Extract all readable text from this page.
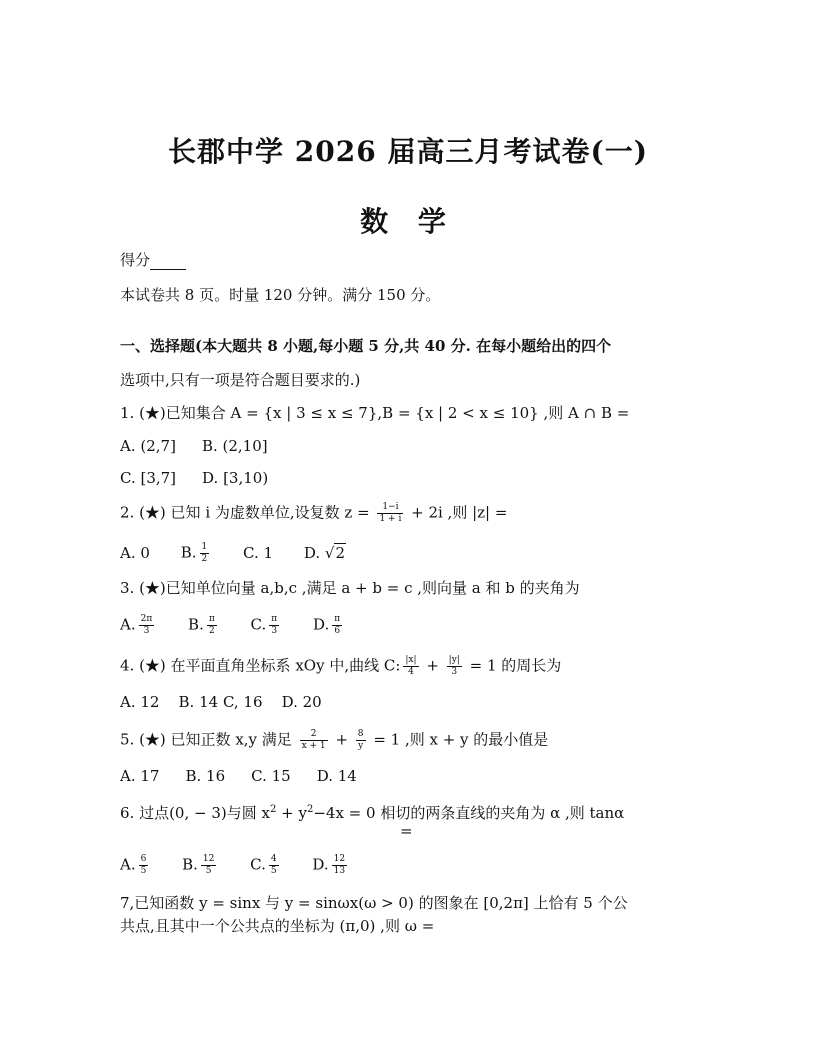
长郡中学 2026 届高三月考试卷(一)
数 学
得分
本试卷共 8 页。时量 120 分钟。满分 150 分。
一、选择题(本大题共 8 小题,每小题 5 分,共 40 分. 在每小题给出的四个
选项中,只有一项是符合题目要求的.)
1. (★)已知集合 A = {x | 3 ≤ x ≤ 7},B = {x | 2 < x ≤ 10} ,则 A ∩ B =
A. (2,7] B. (2,10]
C. [3,7] D. [3,10)
2. (★) 已知 i 为虚数单位,设复数 $z = \frac{1-i}{1 + i} + 2i$ ,则 |z| =
A. 0 B. $\frac{1}{2} C$. 1 D. √2
3. (★)已知单位向量 a,b,c ,满足 a + b = c ,则向量 a 和 b 的夹角为
A. $\frac{2\pi}{3} B$. $\frac{\pi}{2} C$. $\frac{\pi}{3} D$. $\frac{\pi}{6}$
4. (★) 在平面直角坐标系 xOy 中,曲线 C: $\frac{|x|}{4} + \frac{|y|}{3} = 1$ 的周长为
A. 12    B. 14 C, 16    D. 20
5. (★) 已知正数 x,y 满足 $\frac{2}{x + 1} + \frac{8}{y} = 1$ ,则 x + y 的最小值是
A. 17 B. 16 C. 15 D. 14
6. 过点(0, − 3)与圆 $x^2 + y^2-4x = 0$ 相切的两条直线的夹角为 α ,则 tanα
=
A. $\frac{6}{5} B$. $\frac{12}{5} C$. $\frac{4}{5} D$. $\frac{12}{13}$
7,已知函数 y = sinx 与 y = sinωx(ω > 0) 的图象在 [0,2π] 上恰有 5 个公
共点,且其中一个公共点的坐标为 (π,0) ,则 ω =
